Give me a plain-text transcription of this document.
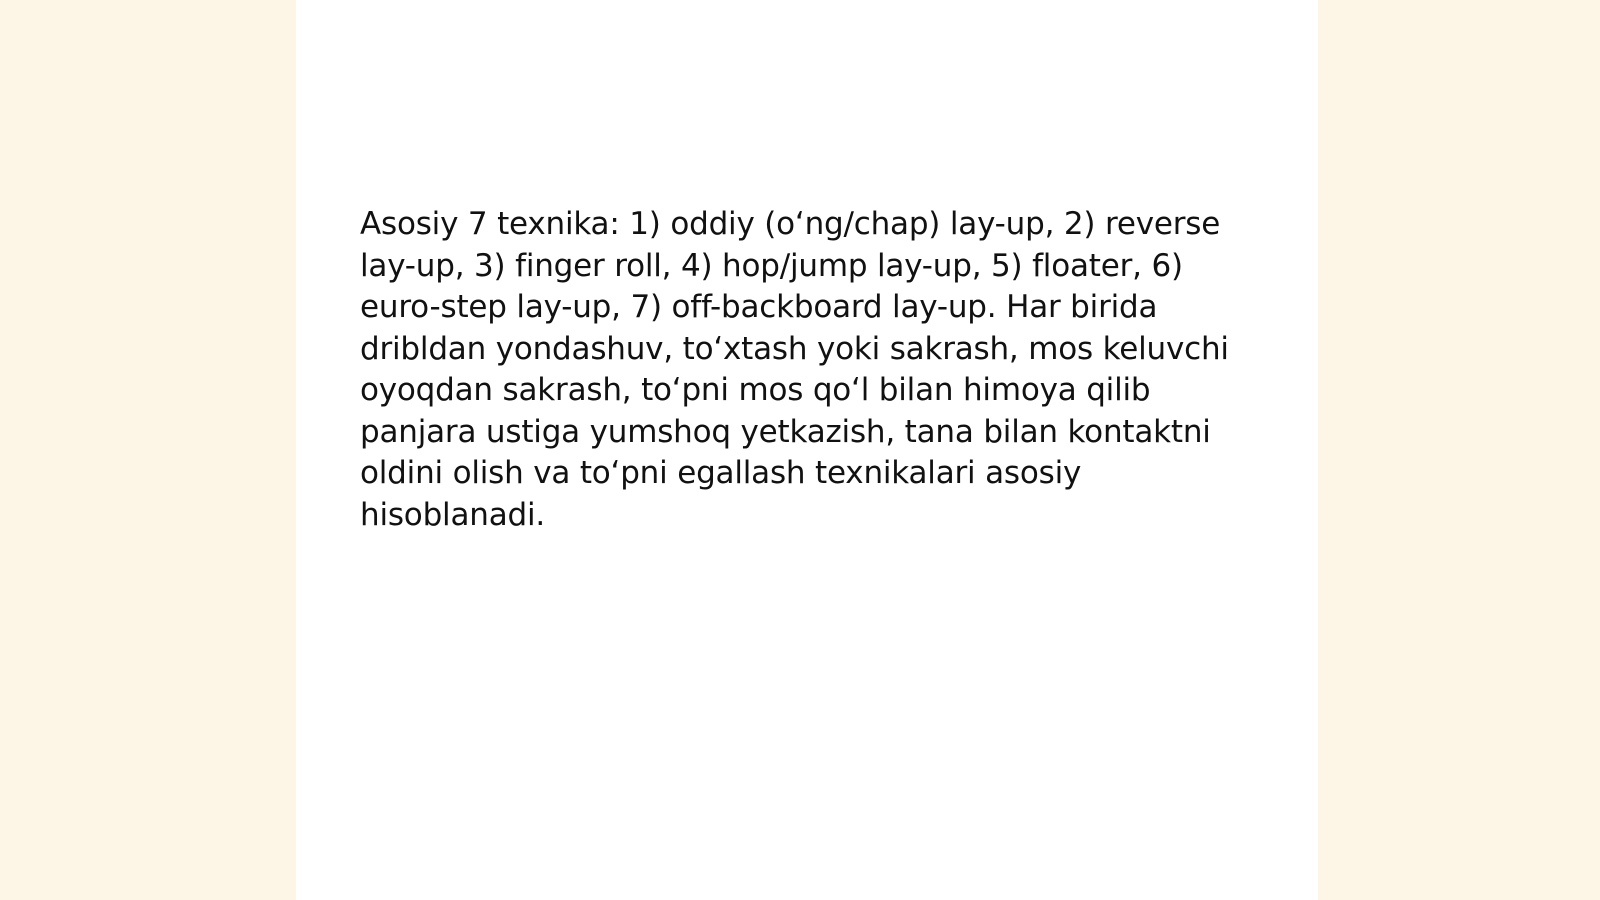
Asosiy 7 texnika: 1) oddiy (o‘ng/chap) lay-up, 2) reverse lay-up, 3) finger roll, 4) hop/jump lay-up, 5) floater, 6) euro-step lay-up, 7) off-backboard lay-up. Har birida dribldan yondashuv, to‘xtash yoki sakrash, mos keluvchi oyoqdan sakrash, to‘pni mos qo‘l bilan himoya qilib panjara ustiga yumshoq yetkazish, tana bilan kontaktni oldini olish va to‘pni egallash texnikalari asosiy hisoblanadi.
